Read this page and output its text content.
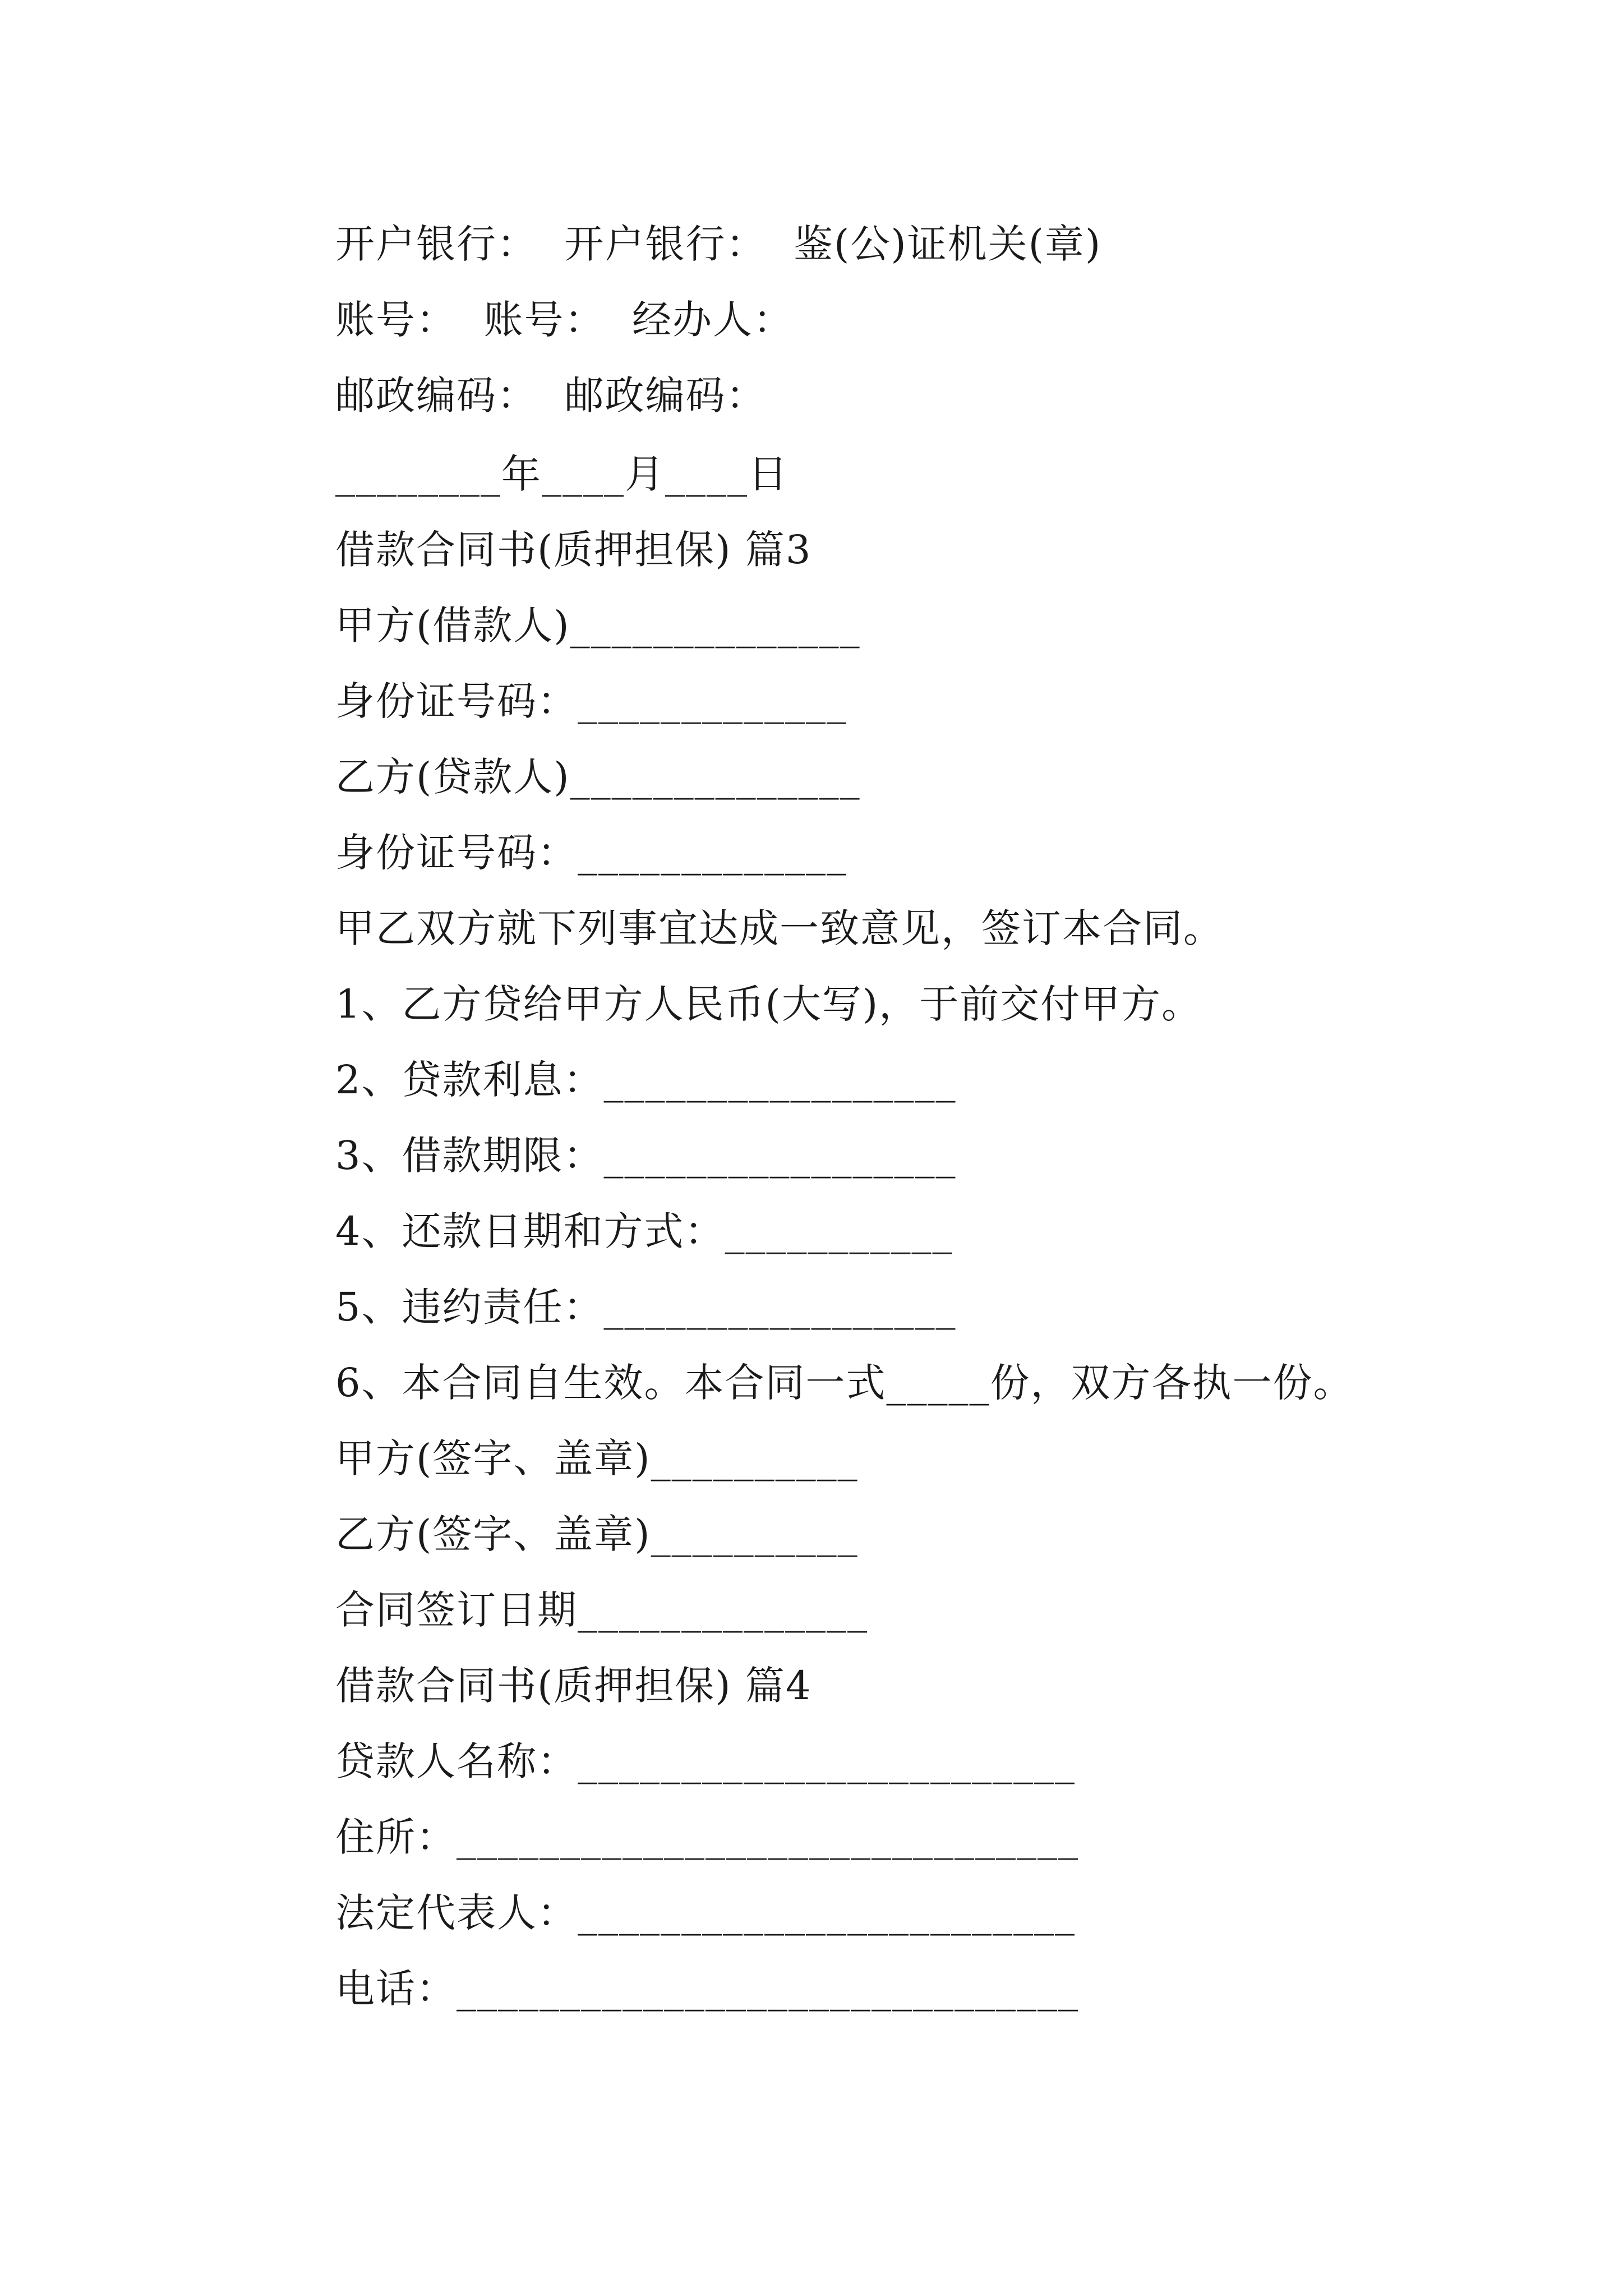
开户银行：  开户银行：  鉴(公)证机关(章)
账号：  账号：  经办人：
邮政编码：  邮政编码：
________年____月____日
借款合同书(质押担保) 篇3
甲方(借款人)______________
身份证号码：_____________
乙方(贷款人)______________
身份证号码：_____________
甲乙双方就下列事宜达成一致意见，签订本合同。
1、乙方贷给甲方人民币(大写)，于前交付甲方。
2、贷款利息：_________________
3、借款期限：_________________
4、还款日期和方式：___________
5、违约责任：_________________
6、本合同自生效。本合同一式_____份，双方各执一份。
甲方(签字、盖章)__________
乙方(签字、盖章)__________
合同签订日期______________
借款合同书(质押担保) 篇4
贷款人名称：________________________
住所：______________________________
法定代表人：________________________
电话：______________________________
